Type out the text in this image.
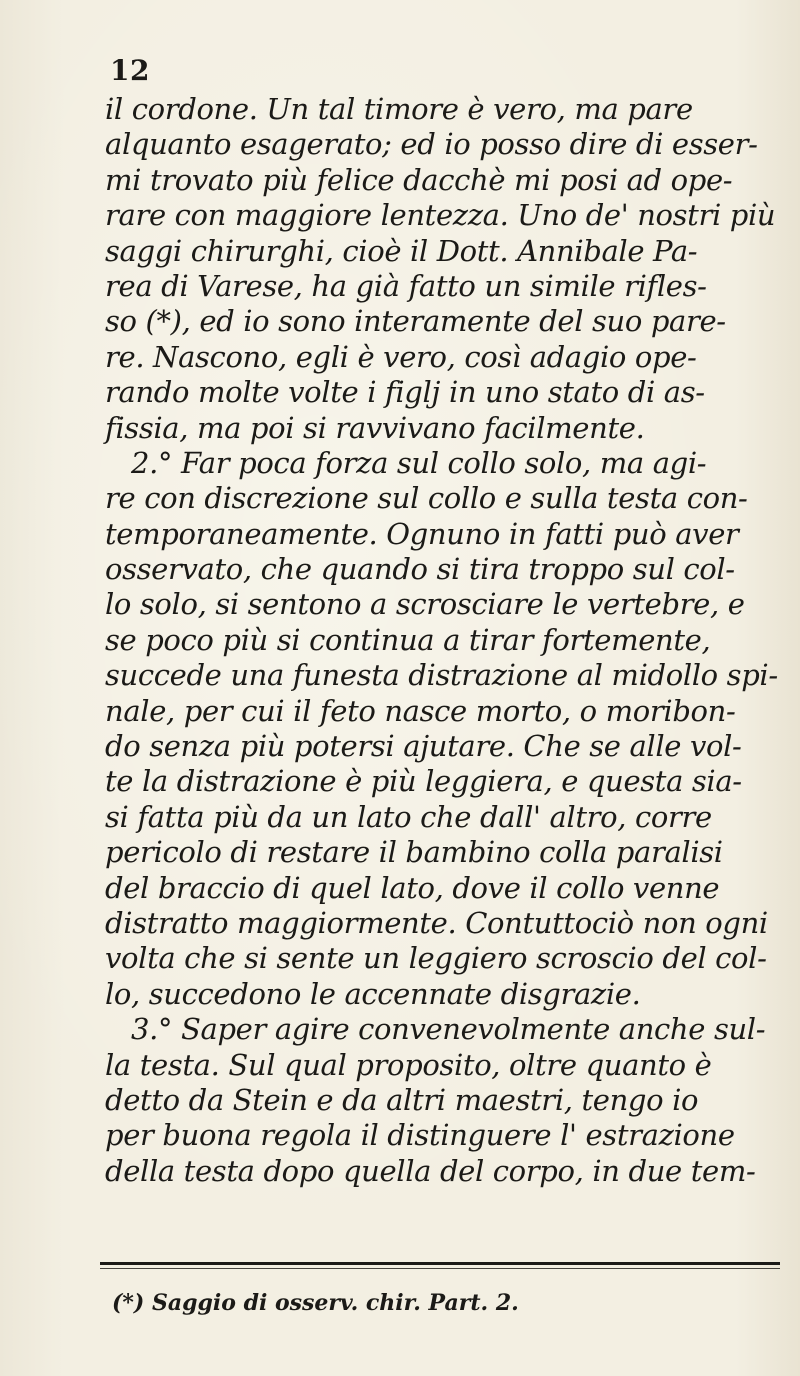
12
il cordone. Un tal timore è vero, ma pare
alquanto esagerato; ed io posso dire di esser-
mi trovato più felice dacchè mi posi ad ope-
rare con maggiore lentezza. Uno de' nostri più
saggi chirurghi, cioè il Dott. Annibale Pa-
rea di Varese, ha già fatto un simile rifles-
so (*), ed io sono interamente del suo pare-
re. Nascono, egli è vero, così adagio ope-
rando molte volte i figlj in uno stato di as-
fissia, ma poi si ravvivano facilmente.
2.° Far poca forza sul collo solo, ma agi-
re con discrezione sul collo e sulla testa con-
temporaneamente. Ognuno in fatti può aver
osservato, che quando si tira troppo sul col-
lo solo, si sentono a scrosciare le vertebre, e
se poco più si continua a tirar fortemente,
succede una funesta distrazione al midollo spi-
nale, per cui il feto nasce morto, o moribon-
do senza più potersi ajutare. Che se alle vol-
te la distrazione è più leggiera, e questa sia-
si fatta più da un lato che dall' altro, corre
pericolo di restare il bambino colla paralisi
del braccio di quel lato, dove il collo venne
distratto maggiormente. Contuttociò non ogni
volta che si sente un leggiero scroscio del col-
lo, succedono le accennate disgrazie.
3.° Saper agire convenevolmente anche sul-
la testa. Sul qual proposito, oltre quanto è
detto da Stein e da altri maestri, tengo io
per buona regola il distinguere l' estrazione
della testa dopo quella del corpo, in due tem-
(*) Saggio di osserv. chir. Part. 2.
